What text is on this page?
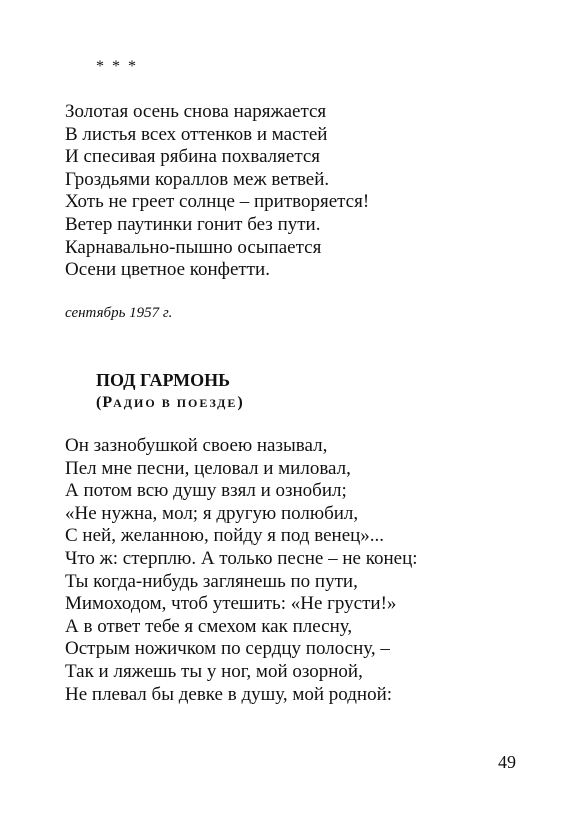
* * *
Золотая осень снова наряжается
В листья всех оттенков и мастей
И спесивая рябина похваляется
Гроздьями кораллов меж ветвей.
Хоть не греет солнце – притворяется!
Ветер паутинки гонит без пути.
Карнавально-пышно осыпается
Осени цветное конфетти.
сентябрь 1957 г.
ПОД ГАРМОНЬ
(РАДИО В ПОЕЗДЕ)
Он зазнобушкой своею называл,
Пел мне песни, целовал и миловал,
А потом всю душу взял и ознобил;
«Не нужна, мол; я другую полюбил,
С ней, желанною, пойду я под венец»...
Что ж: стерплю. А только песне – не конец:
Ты когда-нибудь заглянешь по пути,
Мимоходом, чтоб утешить: «Не грусти!»
А в ответ тебе я смехом как плесну,
Острым ножичком по сердцу полосну, –
Так и ляжешь ты у ног, мой озорной,
Не плевал бы девке в душу, мой родной:
49
